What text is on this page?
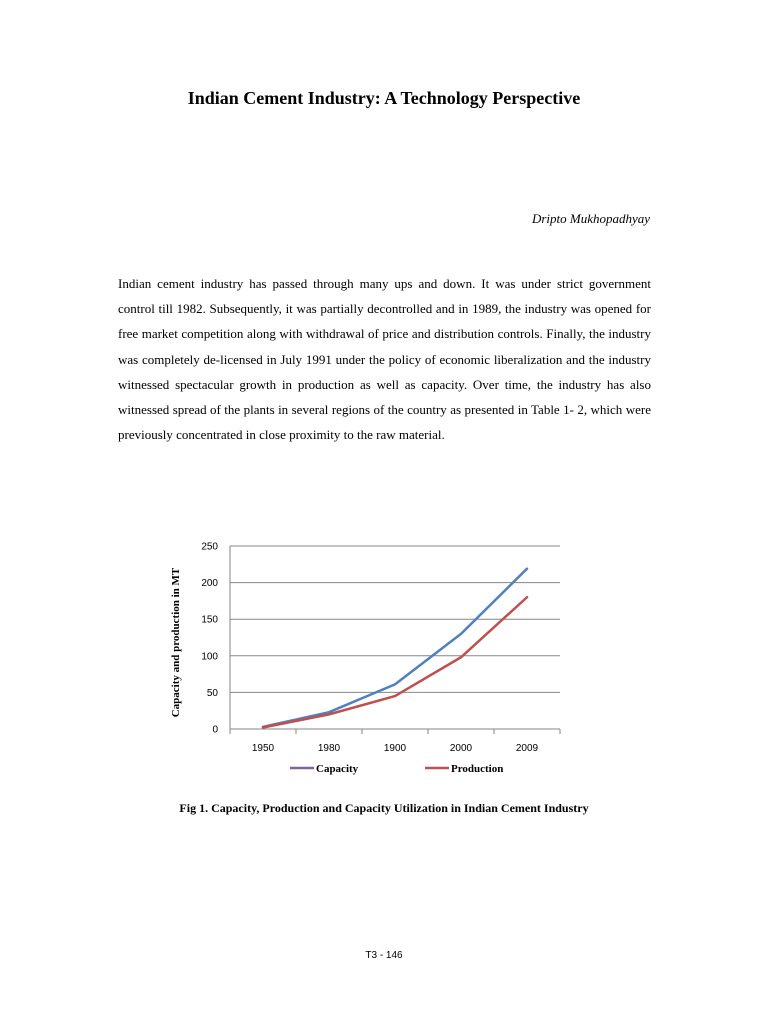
Indian Cement Industry: A Technology Perspective
Dripto Mukhopadhyay

Indian cement industry has passed through many ups and down. It was under strict government control till 1982. Subsequently, it was partially decontrolled and in 1989, the industry was opened for free market competition along with withdrawal of price and distribution controls. Finally, the industry was completely de-licensed in July 1991 under the policy of economic liberalization and the industry witnessed spectacular growth in production as well as capacity. Over time, the industry has also witnessed spread of the plants in several regions of the country as presented in Table 1- 2, which were previously concentrated in close proximity to the raw material.

0
50
100
150
200
250
1950	1980	1900	2000	2009
Capacity and production in MT
Capacity	Production
Fig 1. Capacity, Production and Capacity Utilization in Indian Cement Industry
T3 - 146
